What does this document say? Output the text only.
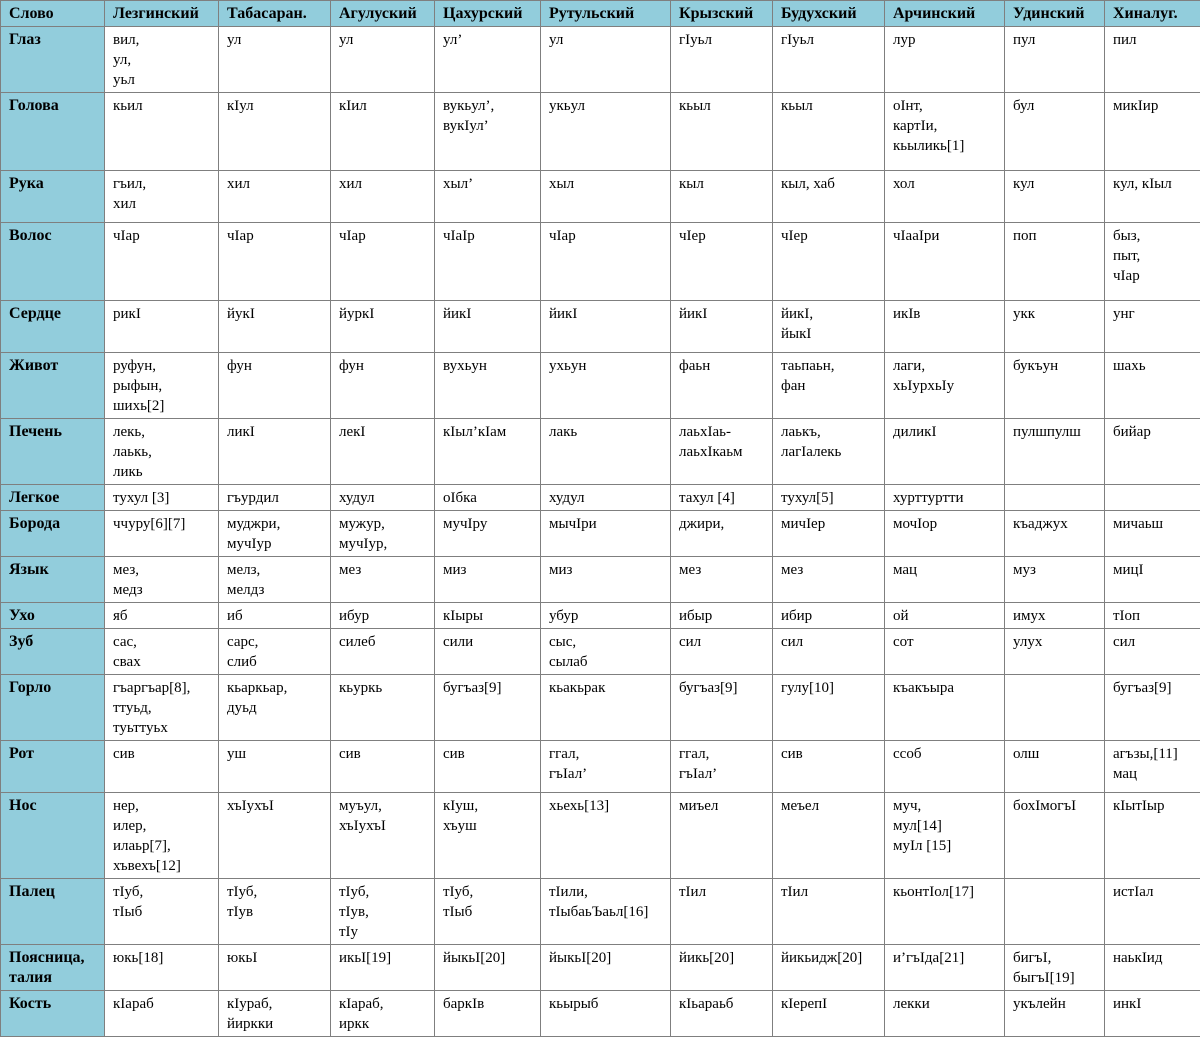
Слово	Лезгинский	Табасаран.	Агулуский	Цахурский	Рутульский	Крызский	Будухский	Арчинский	Удинский	Хиналуг.

Глаз	вил,
ул,
уьл	ул	ул	ул’	ул	гІуьл	гІуьл	лур	пул	пил

Голова	кьил	кІул	кІил	вукьул’,
вукІул’	укьул	кьыл	кьыл	оІнт,
картІи,
кьыликь[1]	бул	микІир

Рука	гъил,
хил	хил	хил	хыл’	хыл	кыл	кыл, хаб	хол	кул	кул, кІыл

Волос	чІар	чІар	чІар	чІаІр	чІар	чІер	чІер	чІааІри	поп	быз,
пыт,
чІар

Сердце	рикІ	йукІ	йуркІ	йикІ	йикІ	йикІ	йикІ,
йыкІ	икІв	укк	унг

Живот	руфун,
рыфын,
шихь[2]	фун	фун	вухьун	ухьун	фаьн	таьпаьн,
фан	лаги,
хьІурхьІу	букъун	шахь

Печень	лекь,
лаькь,
ликь	ликІ	лекІ	кІыл’кІам	лакь	лаьхІаь-
лаьхІкаьм	лаькъ,
лагІалекь	диликІ	пулшпулш	бийар

Легкое	тухул [3]	гъурдил	худул	оІбка	худул	тахул [4]	тухул[5]	хурттуртти		

Борода	ччуру[6][7]	муджри,
мучІур	мужур,
мучІур,	мучІру	мычІри	джири,	мичІер	мочІор	къаджух	мичаьш

Язык	мез,
медз	мелз,
мелдз	мез	миз	миз	мез	мез	мац	муз	мицІ

Ухо	яб	иб	ибур	кІыры	убур	ибыр	ибир	ой	имух	тІоп

Зуб	сас,
свах	сарс,
слиб	силеб	сили	сыс,
сылаб	сил	сил	сот	улух	сил

Горло	гъаргъар[8],
ттуьд,
туьттуьх	кьаркьар,
дуьд	кьуркь	бугъаз[9]	кьакьрак	бугъаз[9]	гулу[10]	къакъыра		бугъаз[9]

Рот	сив	уш	сив	сив	ггал,
гъІал’	ггал,
гъІал’	сив	ссоб	олш	агъзы,[11]
мац

Нос	нер,
илер,
илаьр[7],
хъвехъ[12]	хъІухъІ	муъул,
хъІухъІ	кІуш,
хъуш	хьехь[13]	миъел	меъел	муч,
мул[14]
муІл [15]	бохІмогъІ	кІытІыр

Палец	тІуб,
тІыб	тІуб,
тІув	тІуб,
тІув,
тІу	тІуб,
тІыб	тІили,
тІыбаьЪаьл[16]	тІил	тІил	кьонтІол[17]		истІал

Поясница,
талия	юкь[18]	юкьІ	икьІ[19]	йыкьІ[20]	йыкьІ[20]	йикь[20]	йикьидж[20]	и’гъІда[21]	бигъІ,
быгъІ[19]	наькІид

Кость	кІараб	кІураб,
йиркки	кІараб,
иркк	баркІв	кьырыб	кІьараьб	кІерепІ	лекки	укълейн	инкІ
